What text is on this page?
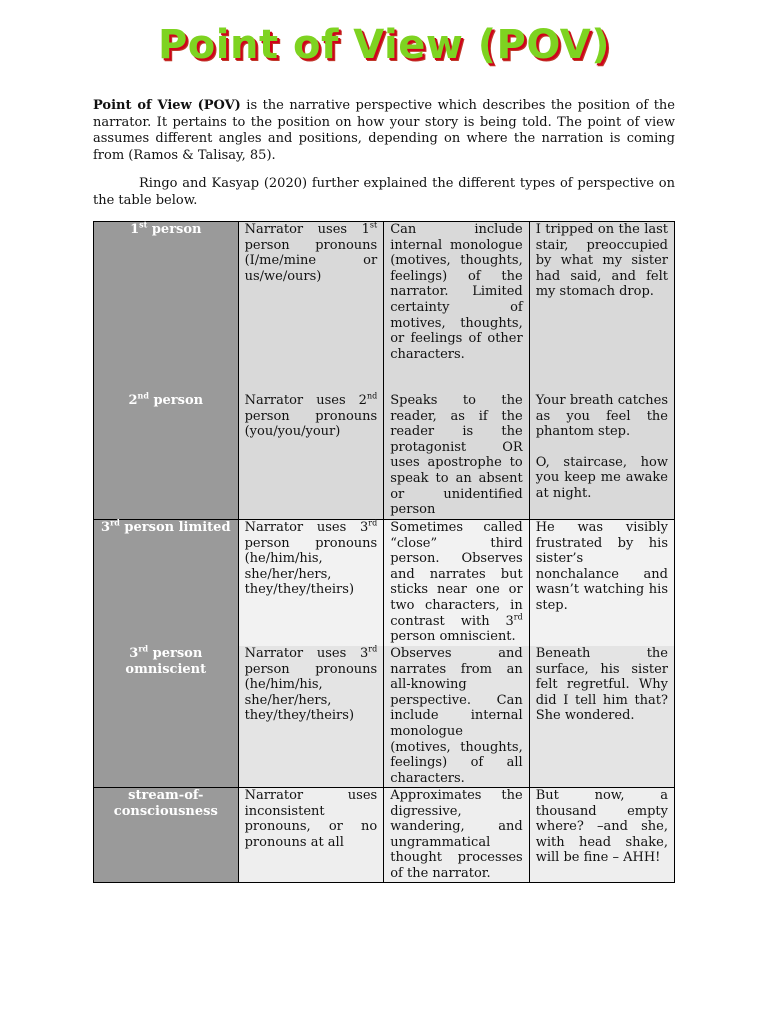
Point of View (POV)

Point of View (POV) is the narrative perspective which describes the position of the narrator. It pertains to the position on how your story is being told. The point of view assumes different angles and positions, depending on where the narration is coming from (Ramos & Talisay, 85).

Ringo and Kasyap (2020) further explained the different types of perspective on the table below.

1st person	Narrator uses 1st person pronouns (I/me/mine or us/we/ours)	Can include internal monologue (motives, thoughts, feelings) of the narrator. Limited certainty of motives, thoughts, or feelings of other characters.	I tripped on the last stair, preoccupied by what my sister had said, and felt my stomach drop.
2nd person	Narrator uses 2nd person pronouns (you/you/your)	Speaks to the reader, as if the reader is the protagonist OR uses apostrophe to speak to an absent or unidentified person	Your breath catches as you feel the phantom step.
O, staircase, how you keep me awake at night.
3rd person limited	Narrator uses 3rd person pronouns (he/him/his, she/her/hers, they/they/theirs)	Sometimes called “close” third person. Observes and narrates but sticks near one or two characters, in contrast with 3rd person omniscient.	He was visibly frustrated by his sister’s nonchalance and wasn’t watching his step.
3rd person omniscient	Narrator uses 3rd person pronouns (he/him/his, she/her/hers, they/they/theirs)	Observes and narrates from an all-knowing perspective. Can include internal monologue (motives, thoughts, feelings) of all characters.	Beneath the surface, his sister felt regretful. Why did I tell him that? She wondered.
stream-of-consciousness	Narrator uses inconsistent pronouns, or no pronouns at all	Approximates the digressive, wandering, and ungrammatical thought processes of the narrator.	But now, a thousand empty where? –and she, with head shake, will be fine – AHH!
